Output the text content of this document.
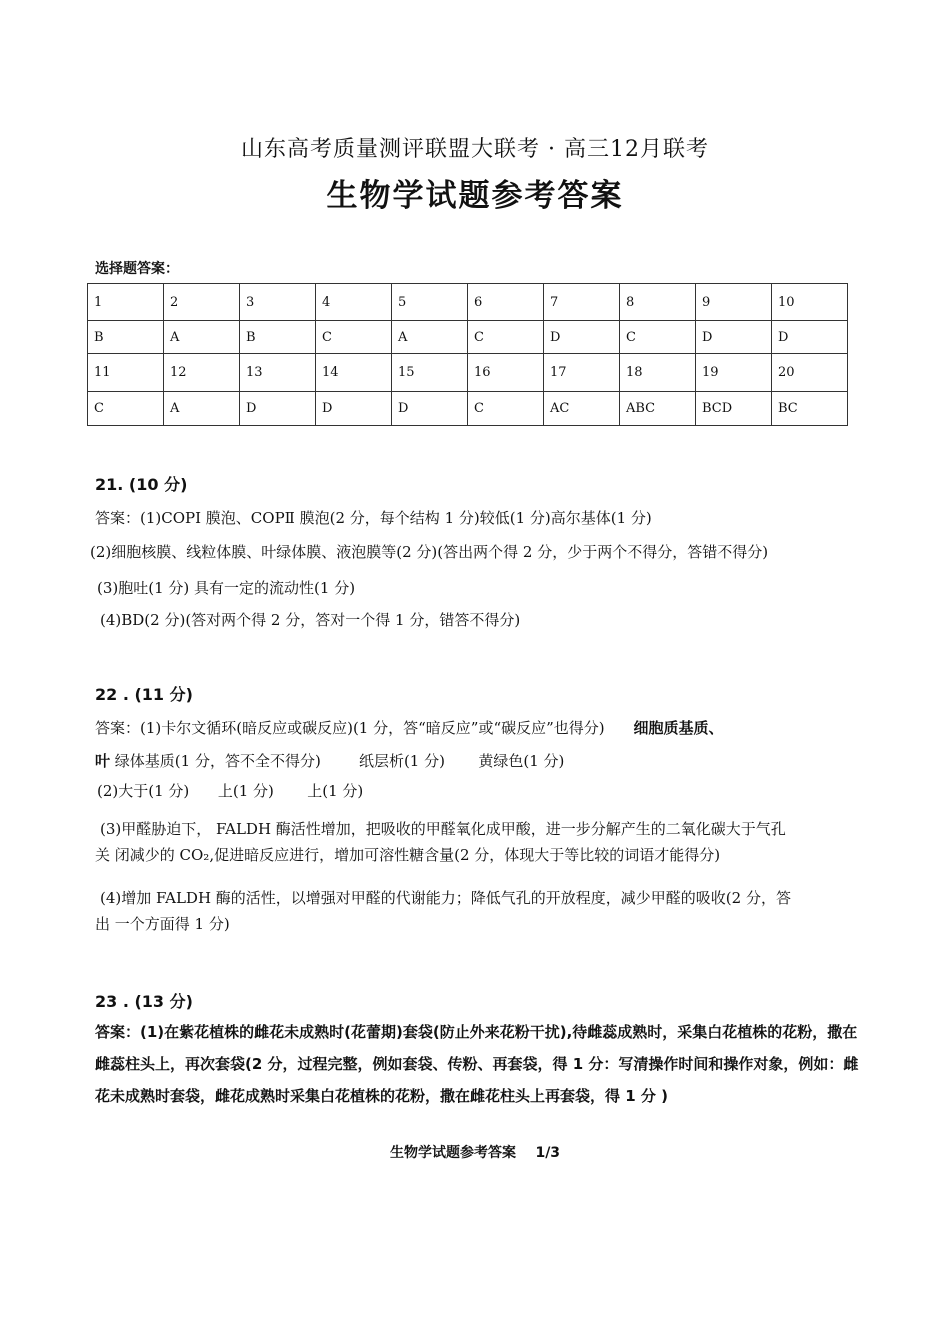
山东高考质量测评联盟大联考 · 高三12月联考
生物学试题参考答案
选择题答案：
1	2	3	4	5	6	7	8	9	10
B	A	B	C	A	C	D	C	D	D
11	12	13	14	15	16	17	18	19	20
C	A	D	D	D	C	AC	ABC	BCD	BC
21. (10 分)
答案：(1)COPI 膜泡、COPⅡ 膜泡(2 分，每个结构 1 分)较低(1 分)高尔基体(1 分)
(2)细胞核膜、线粒体膜、叶绿体膜、液泡膜等(2 分)(答出两个得 2 分，少于两个不得分，答错不得分)
(3)胞吐(1 分) 具有一定的流动性(1 分)
(4)BD(2 分)(答对两个得 2 分，答对一个得 1 分，错答不得分)
22 . (11 分)
答案：(1)卡尔文循环(暗反应或碳反应)(1 分，答“暗反应”或“碳反应”也得分) 细胞质基质、
叶 绿体基质(1 分，答不全不得分)        纸层析(1 分)       黄绿色(1 分)
(2)大于(1 分)      上(1 分)       上(1 分)
(3)甲醛胁迫下， FALDH 酶活性增加，把吸收的甲醛氧化成甲酸，进一步分解产生的二氧化碳大于气孔
关 闭减少的 CO₂,促进暗反应进行，增加可溶性糖含量(2 分，体现大于等比较的词语才能得分)
(4)增加 FALDH 酶的活性，以增强对甲醛的代谢能力；降低气孔的开放程度，减少甲醛的吸收(2 分，答
出 一个方面得 1 分)
23 . (13 分)
答案：(1)在紫花植株的雌花未成熟时(花蕾期)套袋(防止外来花粉干扰),待雌蕊成熟时，采集白花植株的花粉，撒在雌蕊柱头上，再次套袋(2 分，过程完整，例如套袋、传粉、再套袋，得 1 分：写清操作时间和操作对象，例如：雌花未成熟时套袋，雌花成熟时采集白花植株的花粉，撒在雌花柱头上再套袋，得 1 分 )
生物学试题参考答案    1/3
